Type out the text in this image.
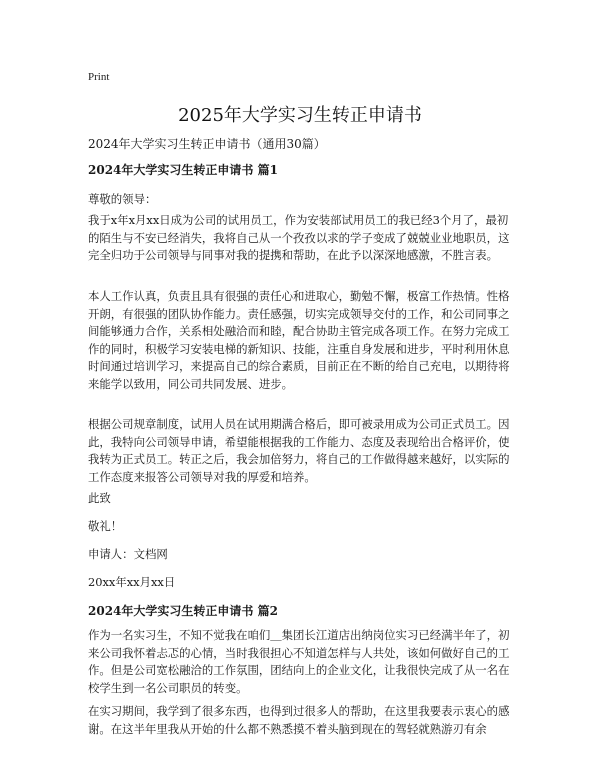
Print
2025年大学实习生转正申请书
2024年大学实习生转正申请书（通用30篇）
2024年大学实习生转正申请书 篇1
尊敬的领导：

我于x年x月xx日成为公司的试用员工，作为安装部试用员工的我已经3个月了，最初的陌生与不安已经消失，我将自己从一个孜孜以求的学子变成了兢兢业业地职员，这完全归功于公司领导与同事对我的提携和帮助，在此予以深深地感激，不胜言表。

本人工作认真，负责且具有很强的责任心和进取心，勤勉不懈，极富工作热情。性格开朗，有很强的团队协作能力。责任感强，切实完成领导交付的工作，和公司同事之间能够通力合作，关系相处融洽而和睦，配合协助主管完成各项工作。在努力完成工作的同时，积极学习安装电梯的新知识、技能，注重自身发展和进步，平时利用休息时间通过培训学习，来提高自己的综合素质，目前正在不断的给自己充电，以期待将来能学以致用，同公司共同发展、进步。

根据公司规章制度，试用人员在试用期满合格后，即可被录用成为公司正式员工。因此，我特向公司领导申请，希望能根据我的工作能力、态度及表现给出合格评价，使我转为正式员工。转正之后，我会加倍努力，将自己的工作做得越来越好，以实际的工作态度来报答公司领导对我的厚爱和培养。

此致
敬礼！
申请人：文档网
20xx年xx月xx日
2024年大学实习生转正申请书 篇2

作为一名实习生，不知不觉我在咱们＿集团长江道店出纳岗位实习已经满半年了，初来公司我怀着忐忑的心情，当时我很担心不知道怎样与人共处，该如何做好自己的工作。但是公司宽松融洽的工作氛围，团结向上的企业文化，让我很快完成了从一名在校学生到一名公司职员的转变。

在实习期间，我学到了很多东西，也得到过很多人的帮助，在这里我要表示衷心的感谢。在这半年里我从开始的什么都不熟悉摸不着头脑到现在的驾轻就熟游刃有余
